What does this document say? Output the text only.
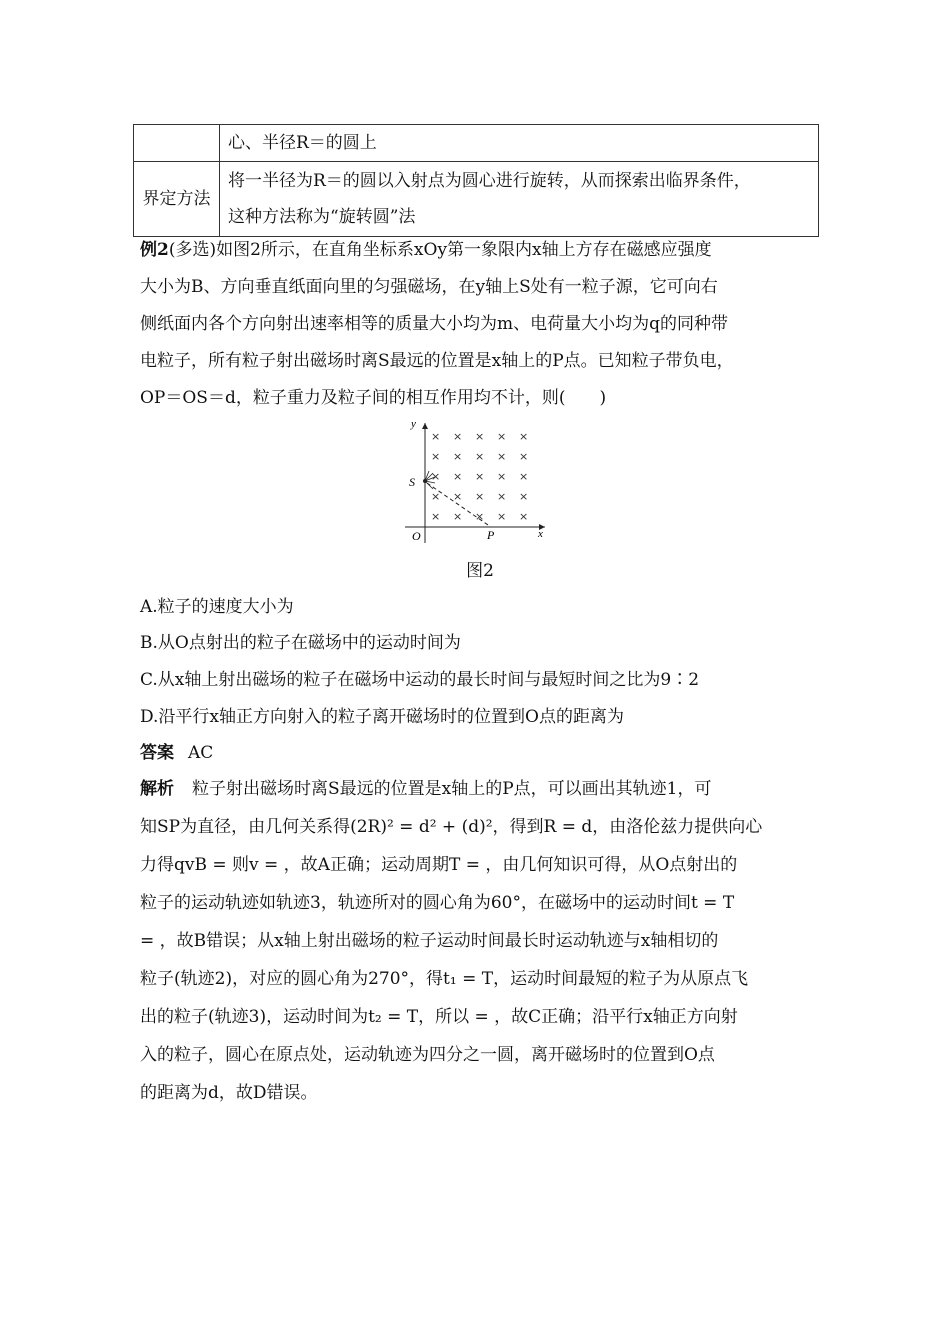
	心、半径R＝的圆上
界定方法	将一半径为R＝的圆以入射点为圆心进行旋转，从而探索出临界条件，
这种方法称为“旋转圆”法
例2(多选)如图2所示，在直角坐标系xOy第一象限内x轴上方存在磁感应强度
大小为B、方向垂直纸面向里的匀强磁场，在y轴上S处有一粒子源，它可向右
侧纸面内各个方向射出速率相等的质量大小均为m、电荷量大小均为q的同种带
电粒子，所有粒子射出磁场时离S最远的位置是x轴上的P点。已知粒子带负电，
OP＝OS＝d，粒子重力及粒子间的相互作用均不计，则(　　)
y
x
O
S
P
× × × × ×
× × × × ×
× × × × ×
× × × × ×
× × × × ×
图2
A.粒子的速度大小为
B.从O点射出的粒子在磁场中的运动时间为
C.从x轴上射出磁场的粒子在磁场中运动的最长时间与最短时间之比为9∶2
D.沿平行x轴正方向射入的粒子离开磁场时的位置到O点的距离为
答案 AC
解析 粒子射出磁场时离S最远的位置是x轴上的P点，可以画出其轨迹1，可
知SP为直径，由几何关系得(2R)² = d² + (d)²，得到R = d，由洛伦兹力提供向心
力得qvB = 则v = ，故A正确；运动周期T = ，由几何知识可得，从O点射出的
粒子的运动轨迹如轨迹3，轨迹所对的圆心角为60°，在磁场中的运动时间t = T
= ，故B错误；从x轴上射出磁场的粒子运动时间最长时运动轨迹与x轴相切的
粒子(轨迹2)，对应的圆心角为270°，得t₁ = T，运动时间最短的粒子为从原点飞
出的粒子(轨迹3)，运动时间为t₂ = T，所以 = ，故C正确；沿平行x轴正方向射
入的粒子，圆心在原点处，运动轨迹为四分之一圆，离开磁场时的位置到O点
的距离为d，故D错误。
